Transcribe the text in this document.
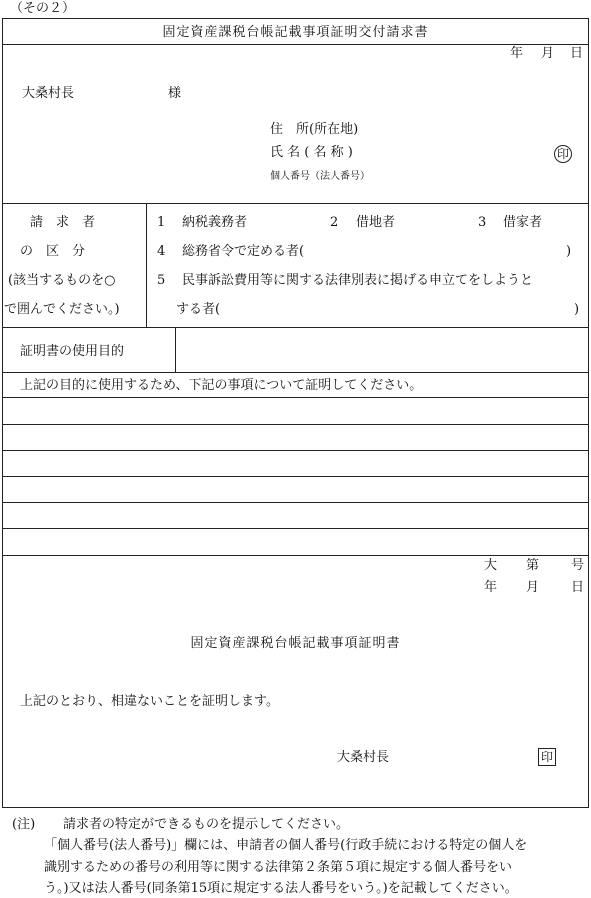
（その２）
固定資産課税台帳記載事項証明交付請求書
年 月 日
大桑村長	様
住　所(所在地)
氏 名 ( 名 称 )	印
個人番号（法人番号）
請　求　者
の　区　分
(該当するものを○
で囲んでください。)
1 納税義務者	2 借地者	3 借家者
4 総務省令で定める者(	)
5 民事訴訟費用等に関する法律別表に掲げる申立てをしようと
する者(	)
証明書の使用目的
上記の目的に使用するため、下記の事項について証明してください。
大 第 号
年 月 日
固定資産課税台帳記載事項証明書
上記のとおり、相違ないことを証明します。
大桑村長	印
(注) 請求者の特定ができるものを提示してください。
「個人番号(法人番号)」欄には、申請者の個人番号(行政手続における特定の個人を
識別するための番号の利用等に関する法律第２条第５項に規定する個人番号をい
う。)又は法人番号(同条第15項に規定する法人番号をいう。)を記載してください。
